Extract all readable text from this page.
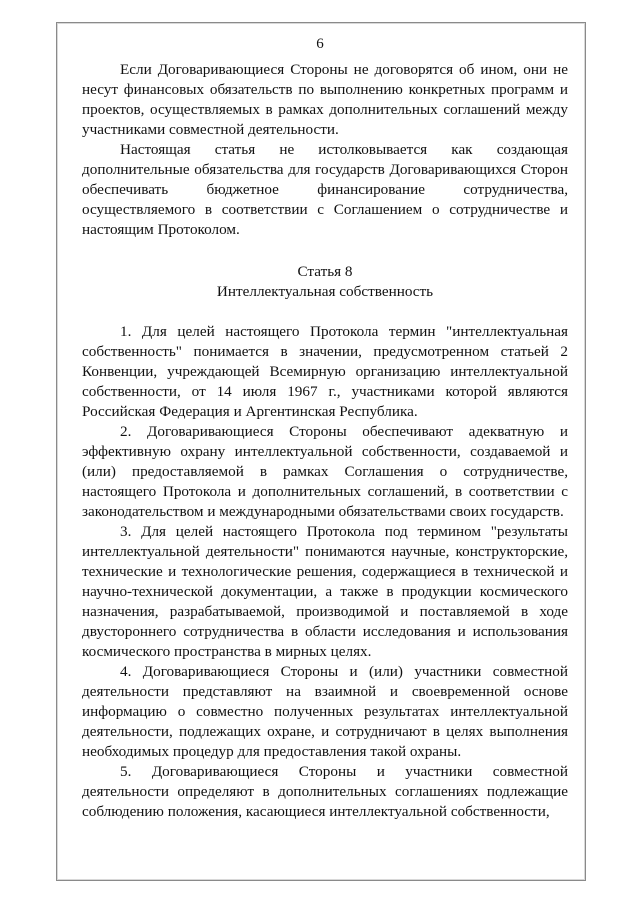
6

Если Договаривающиеся Стороны не договорятся об ином, они не несут финансовых обязательств по выполнению конкретных программ и проектов, осуществляемых в рамках дополнительных соглашений между участниками совместной деятельности.

Настоящая статья не истолковывается как создающая дополнительные обязательства для государств Договаривающихся Сторон обеспечивать бюджетное финансирование сотрудничества, осуществляемого в соответствии с Соглашением о сотрудничестве и настоящим Протоколом.

Статья 8

Интеллектуальная собственность

1. Для целей настоящего Протокола термин "интеллектуальная собственность" понимается в значении, предусмотренном статьей 2 Конвенции, учреждающей Всемирную организацию интеллектуальной собственности, от 14 июля 1967 г., участниками которой являются Российская Федерация и Аргентинская Республика.

2. Договаривающиеся Стороны обеспечивают адекватную и эффективную охрану интеллектуальной собственности, создаваемой и (или) предоставляемой в рамках Соглашения о сотрудничестве, настоящего Протокола и дополнительных соглашений, в соответствии с законодательством и международными обязательствами своих государств.

3. Для целей настоящего Протокола под термином "результаты интеллектуальной деятельности" понимаются научные, конструкторские, технические и технологические решения, содержащиеся в технической и научно-технической документации, а также в продукции космического назначения, разрабатываемой, производимой и поставляемой в ходе двустороннего сотрудничества в области исследования и использования космического пространства в мирных целях.

4. Договаривающиеся Стороны и (или) участники совместной деятельности представляют на взаимной и своевременной основе информацию о совместно полученных результатах интеллектуальной деятельности, подлежащих охране, и сотрудничают в целях выполнения необходимых процедур для предоставления такой охраны.

5. Договаривающиеся Стороны и участники совместной деятельности определяют в дополнительных соглашениях подлежащие соблюдению положения, касающиеся интеллектуальной собственности,
